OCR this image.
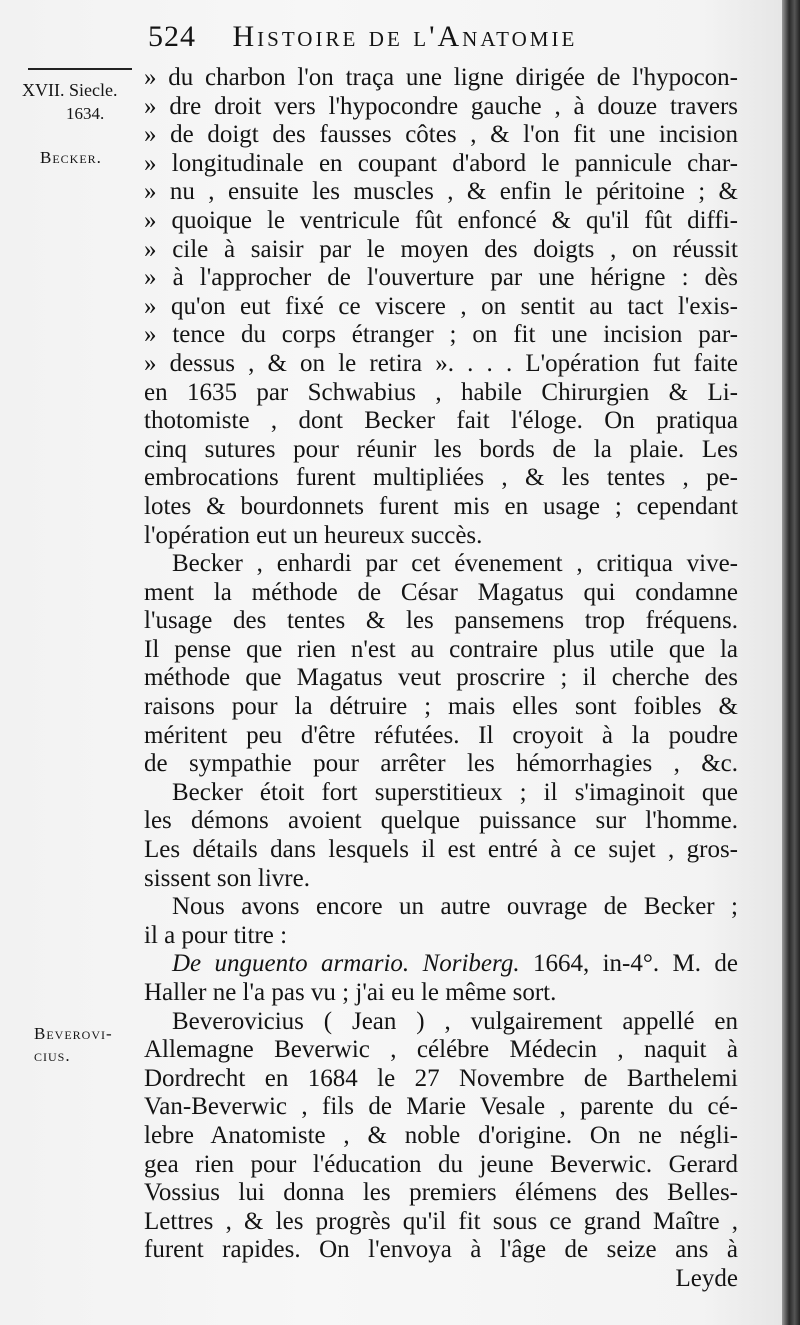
524 Histoire de l'Anatomie
XVII. Siecle.
1634.
Becker.
Beverovi-
cius.
» du charbon l'on traça une ligne dirigée de l'hypocon-
» dre droit vers l'hypocondre gauche , à douze travers
» de doigt des fausses côtes , & l'on fit une incision
» longitudinale en coupant d'abord le pannicule char-
» nu , ensuite les muscles , & enfin le péritoine ; &
» quoique le ventricule fût enfoncé & qu'il fût diffi-
» cile à saisir par le moyen des doigts , on réussit
» à l'approcher de l'ouverture par une hérigne : dès
» qu'on eut fixé ce viscere , on sentit au tact l'exis-
» tence du corps étranger ; on fit une incision par-
» dessus , & on le retira ». . . . L'opération fut faite
en 1635 par Schwabius , habile Chirurgien & Li-
thotomiste , dont Becker fait l'éloge. On pratiqua
cinq sutures pour réunir les bords de la plaie. Les
embrocations furent multipliées , & les tentes , pe-
lotes & bourdonnets furent mis en usage ; cependant
l'opération eut un heureux succès.
Becker , enhardi par cet évenement , critiqua vive-
ment la méthode de César Magatus qui condamne
l'usage des tentes & les pansemens trop fréquens.
Il pense que rien n'est au contraire plus utile que la
méthode que Magatus veut proscrire ; il cherche des
raisons pour la détruire ; mais elles sont foibles &
méritent peu d'être réfutées. Il croyoit à la poudre
de sympathie pour arrêter les hémorrhagies , &c.
Becker étoit fort superstitieux ; il s'imaginoit que
les démons avoient quelque puissance sur l'homme.
Les détails dans lesquels il est entré à ce sujet , gros-
sissent son livre.
Nous avons encore un autre ouvrage de Becker ;
il a pour titre :
De unguento armario. Noriberg. 1664, in-4°. M. de
Haller ne l'a pas vu ; j'ai eu le même sort.
Beverovicius ( Jean ) , vulgairement appellé en
Allemagne Beverwic , célébre Médecin , naquit à
Dordrecht en 1684 le 27 Novembre de Barthelemi
Van-Beverwic , fils de Marie Vesale , parente du cé-
lebre Anatomiste , & noble d'origine. On ne négli-
gea rien pour l'éducation du jeune Beverwic. Gerard
Vossius lui donna les premiers élémens des Belles-
Lettres , & les progrès qu'il fit sous ce grand Maître ,
furent rapides. On l'envoya à l'âge de seize ans à
Leyde
